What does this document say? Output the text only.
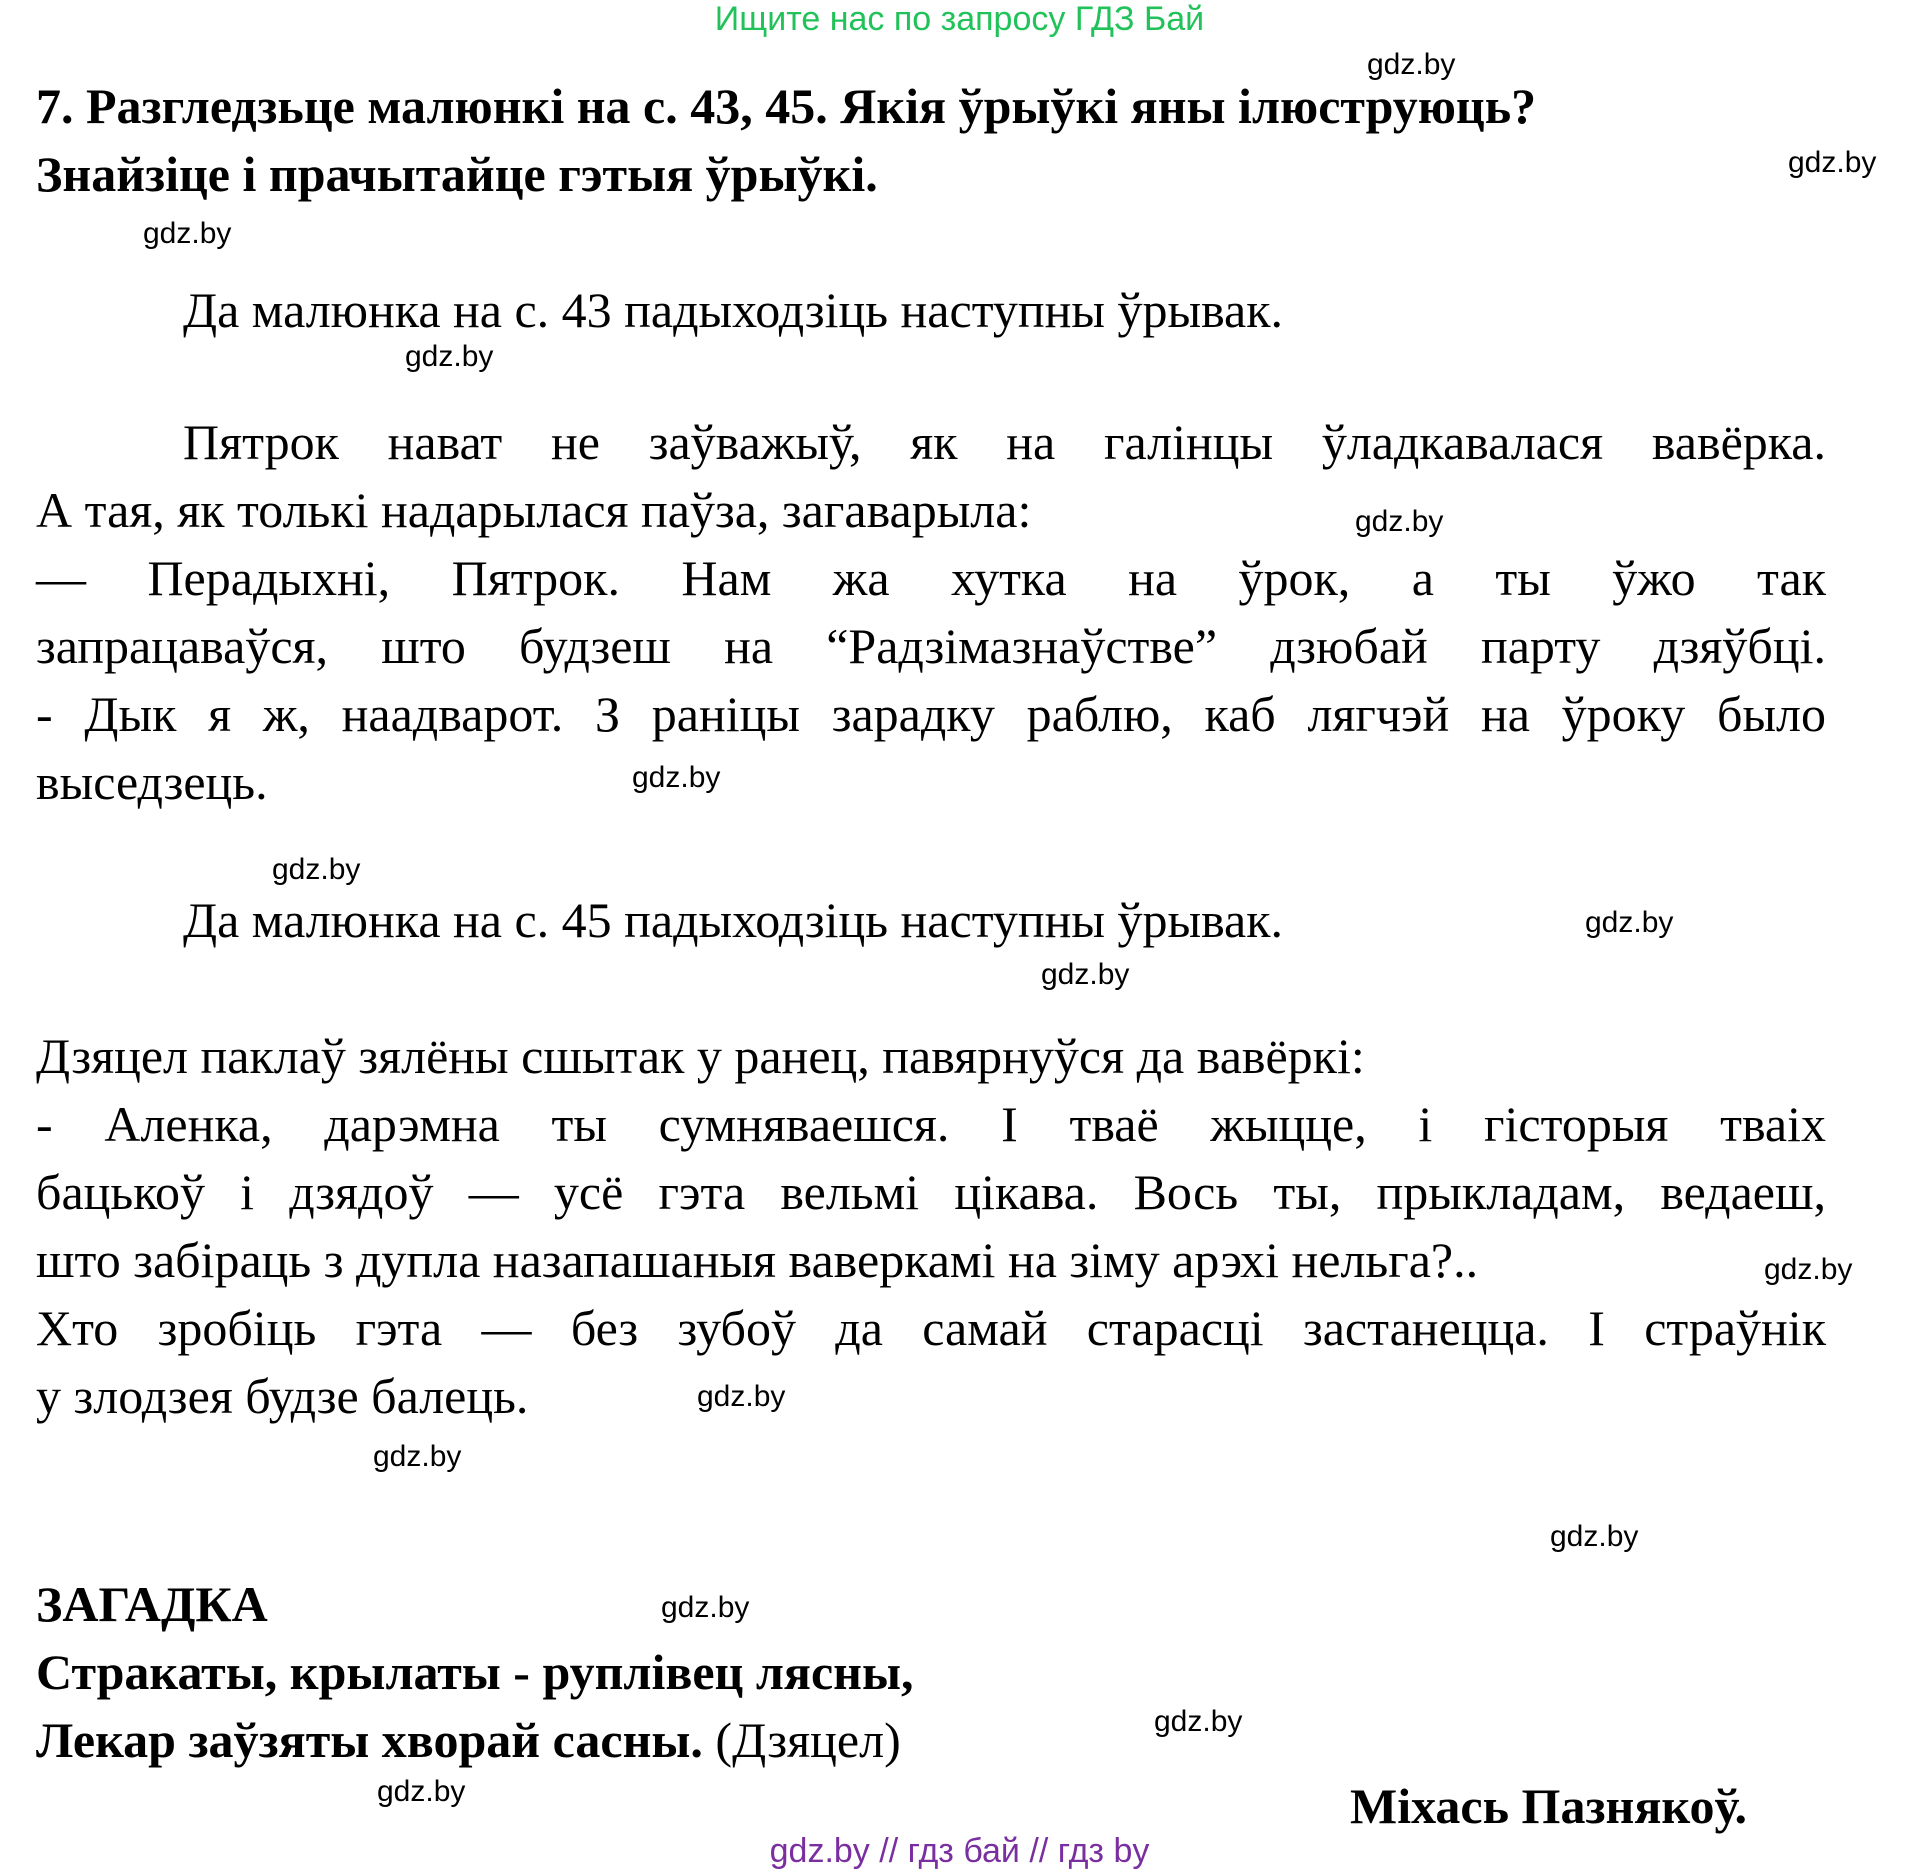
Ищите нас по запросу ГДЗ Бай
7. Разгледзьце малюнкі на с. 43, 45. Якія ўрыўкі яны ілюструюць?
Знайзіце і прачытайце гэтыя ўрыўкі.
Да малюнка на с. 43 падыходзіць наступны ўрывак.
Пятрок нават не заўважыў, як на галінцы ўладкавалася вавёрка.
А тая, як толькі надарылася паўза, загаварыла:
— Перадыхні, Пятрок. Нам жа хутка на ўрок, а ты ўжо так
запрацаваўся, што будзеш на “Радзімазнаўстве” дзюбай парту дзяўбці.
- Дык я ж, наадварот. З раніцы зарадку раблю, каб лягчэй на ўроку было
выседзець.
Да малюнка на с. 45 падыходзіць наступны ўрывак.
Дзяцел паклаў зялёны сшытак у ранец, павярнуўся да вавёркі:
- Аленка, дарэмна ты сумняваешся. І тваё жыцце, і гісторыя тваіх
бацькоў і дзядоў — усё гэта вельмі цікава. Вось ты, прыкладам, ведаеш,
што забіраць з дупла назапашаныя ваверкамі на зіму арэхі нельга?..
Хто зробіць гэта — без зубоў да самай старасці застанецца. І страўнік
у злодзея будзе балець.
ЗАГАДКА
Стракаты, крылаты - руплівец лясны,
Лекар заўзяты хворай сасны. (Дзяцел)
Міхась Пазнякоў.
gdz.by
gdz.by
gdz.by
gdz.by
gdz.by
gdz.by
gdz.by
gdz.by
gdz.by
gdz.by
gdz.by
gdz.by
gdz.by
gdz.by
gdz.by
gdz.by
gdz.by // гдз бай // гдз by
